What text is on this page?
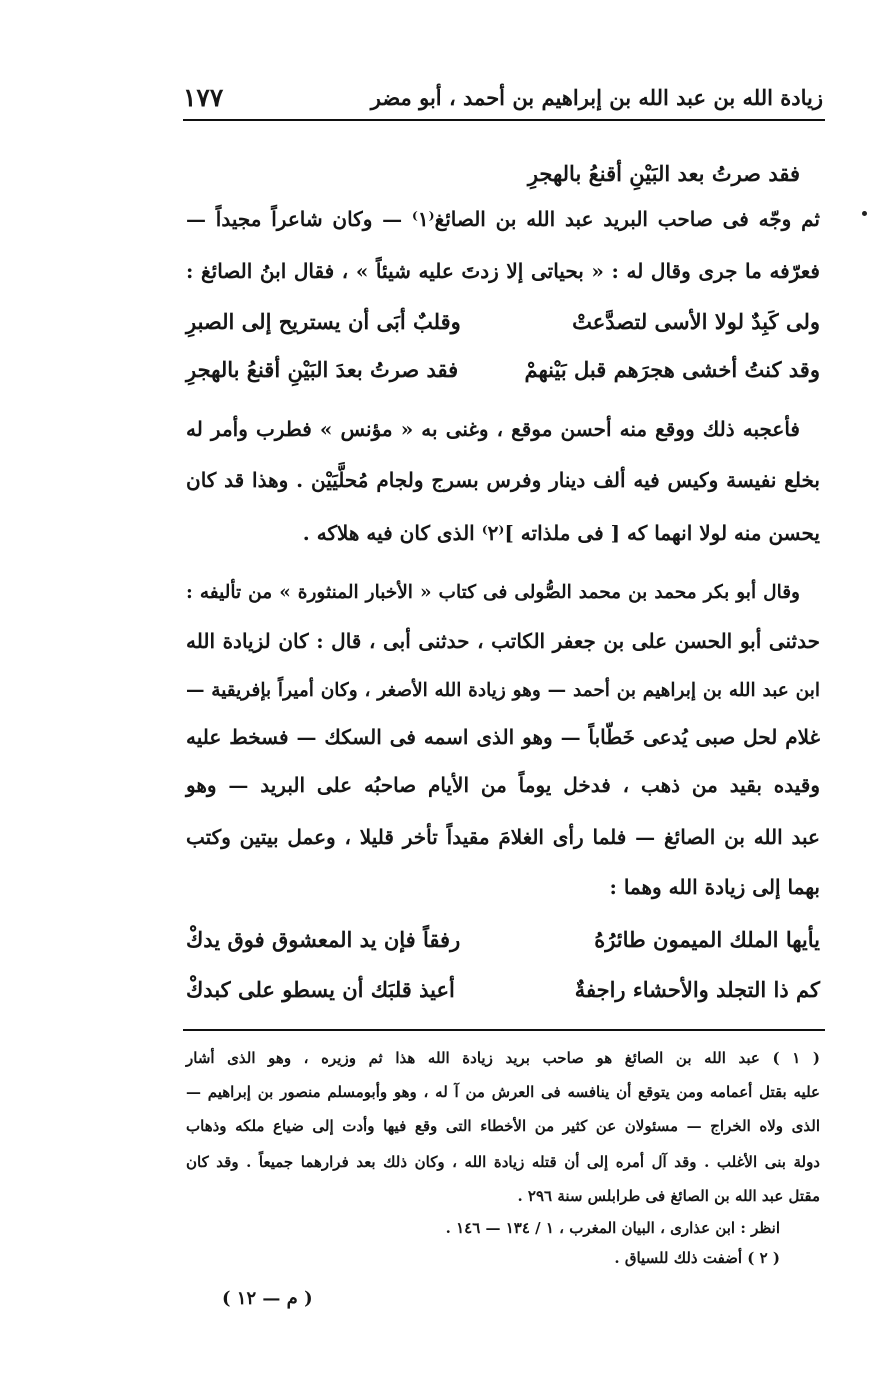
زيادة الله بن عبد الله بن إبراهيم بن أحمد ، أبو مضر
١٧٧
فقد صرتُ بعد البَيْنِ أقنعُ بالهجرِ
ثم وجّه فى صاحب البريد عبد الله بن الصائغ⁽١⁾ — وكان شاعراً مجيداً —
فعرّفه ما جرى وقال له : « بحياتى إلا زدتَ عليه شيئاً » ، فقال ابنُ الصائغ :
ولى كَبِدٌ لولا الأسى لتصدَّعتْ
وقلبٌ أبَى أن يستريح إلى الصبرِ
وقد كنتُ أخشى هجرَهم قبل بَيْنهمْ
فقد صرتُ بعدَ البَيْنِ أقنعُ بالهجرِ
فأعجبه ذلك ووقع منه أحسن موقع ، وغنى به « مؤنس » فطرب وأمر له
بخلع نفيسة وكيس فيه ألف دينار وفرس بسرج ولجام مُحلَّيَيْن . وهذا قد كان
يحسن منه لولا انهما كه [ فى ملذاته ]⁽٢⁾ الذى كان فيه هلاكه .
وقال أبو بكر محمد بن محمد الصُّولى فى كتاب « الأخبار المنثورة » من تأليفه :
حدثنى أبو الحسن على بن جعفر الكاتب ، حدثنى أبى ، قال : كان لزيادة الله
ابن عبد الله بن إبراهيم بن أحمد — وهو زيادة الله الأصغر ، وكان أميراً بإفريقية —
غلام لحل صبى يُدعى خَطّاباً — وهو الذى اسمه فى السكك — فسخط عليه
وقيده بقيد من ذهب ، فدخل يوماً من الأيام صاحبُه على البريد — وهو
عبد الله بن الصائغ — فلما رأى الغلامَ مقيداً تأخر قليلا ، وعمل بيتين وكتب
بهما إلى زيادة الله وهما :
يأيها الملك الميمون طائرُهُ
رفقاً فإن يد المعشوق فوق يدكْ
كم ذا التجلد والأحشاء راجفةٌ
أعيذ قلبَك أن يسطو على كبدكْ
( ١ ) عبد الله بن الصائغ هو صاحب بريد زيادة الله هذا ثم وزيره ، وهو الذى أشار
عليه بقتل أعمامه ومن يتوقع أن ينافسه فى العرش من آ له ، وهو وأبومسلم منصور بن إبراهيم —
الذى ولاه الخراج — مسئولان عن كثير من الأخطاء التى وقع فيها وأدت إلى ضياع ملكه وذهاب
دولة بنى الأغلب . وقد آل أمره إلى أن قتله زيادة الله ، وكان ذلك بعد فرارهما جميعاً . وقد كان
مقتل عبد الله بن الصائغ فى طرابلس سنة ٢٩٦ .
انظر : ابن عذارى ، البيان المغرب ، ١ / ١٣٤ — ١٤٦ .
( ٢ ) أضفت ذلك للسياق .
( م — ١٢ )
